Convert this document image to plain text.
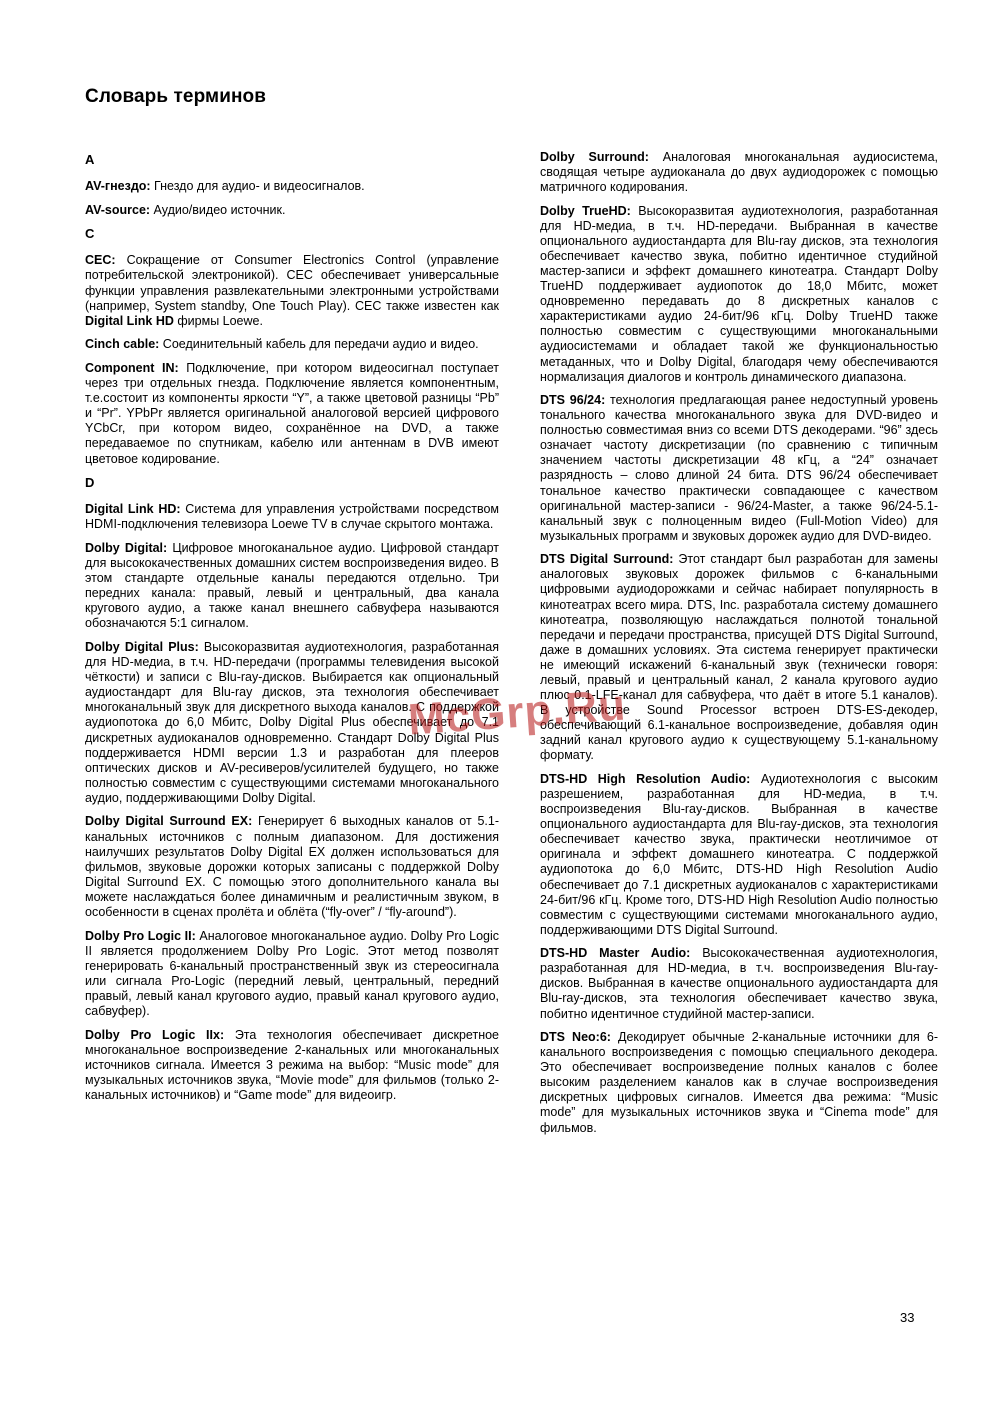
Словарь терминов
A

AV-гнездо: Гнездо для аудио- и видеосигналов.

AV-source: Аудио/видео источник.

C

CEC: Сокращение от Consumer Electronics Control (управление потребительской электроникой). CEC обеспечивает универсальные функции управления развлекательными электронными устройствами (например, System standby, One Touch Play). CEC также известен как Digital Link HD фирмы Loewe.

Cinch cable: Соединительный кабель для передачи аудио и видео.

Component IN: Подключение, при котором видеосигнал поступает через три отдельных гнезда. Подключение является компонентным, т.е.состоит из компоненты яркости “Y”, а также цветовой разницы “Pb” и “Pr”. YPbPr является оригинальной аналоговой версией цифрового YCbCr, при котором видео, сохранённое на DVD, а также передаваемое по спутникам, кабелю или антеннам в DVB имеют цветовое кодирование.

D

Digital Link HD: Система для управления устройствами посредством HDMI-подключения телевизора Loewe TV в случае скрытого монтажа.

Dolby Digital: Цифровое многоканальное аудио. Цифровой стандарт для высококачественных домашних систем воспроизведения видео. В этом стандарте отдельные каналы передаются отдельно. Три передних канала: правый, левый и центральный, два канала кругового аудио, а также канал внешнего сабвуфера называются обозначаются 5:1 сигналом.

Dolby Digital Plus: Высокоразвитая аудиотехнология, разработанная для HD-медиа, в т.ч. HD-передачи (программы телевидения высокой чёткости) и записи с Blu-ray-дисков. Выбирается как опциональный аудиостандарт для Blu-ray дисков, эта технология обеспечивает многоканальный звук для дискретного выхода каналов. С поддержкой аудиопотока до 6,0 Мбитс, Dolby Digital Plus обеспечивает до 7.1 дискретных аудиоканалов одновременно. Стандарт Dolby Digital Plus поддерживается HDMI версии 1.3 и разработан для плееров оптических дисков и AV-ресиверов/усилителей будущего, но также полностью совместим с существующими системами многоканального аудио, поддерживающими Dolby Digital.

Dolby Digital Surround EX: Генерирует 6 выходных каналов от 5.1-канальных источников с полным диапазоном. Для достижения наилучших результатов Dolby Digital EX должен использоваться для фильмов, звуковые дорожки которых записаны с поддержкой Dolby Digital Surround EX. С помощью этого дополнительного канала вы можете наслаждаться более динамичным и реалистичным звуком, в особенности в сценах пролёта и облёта (“fly-over” / “fly-around”).

Dolby Pro Logic II: Аналоговое многоканальное аудио. Dolby Pro Logic II является продолжением Dolby Pro Logic. Этот метод позволят генерировать 6-канальный пространственный звук из стереосигнала или сигнала Pro-Logic (передний левый, центральный, передний правый, левый канал кругового аудио, правый канал кругового аудио, сабвуфер).

Dolby Pro Logic IIx: Эта технология обеспечивает дискретное многоканальное воспроизведение 2-канальных или многоканальных источников сигнала. Имеется 3 режима на выбор: “Music mode” для музыкальных источников звука, “Movie mode” для фильмов (только 2-канальных источников) и “Game mode” для видеоигр.

Dolby Surround: Аналоговая многоканальная аудиосистема, сводящая четыре аудиоканала до двух аудиодорожек с помощью матричного кодирования.

Dolby TrueHD: Высокоразвитая аудиотехнология, разработанная для HD-медиа, в т.ч. HD-передачи. Выбранная в качестве опционального аудиостандарта для Blu-ray дисков, эта технология обеспечивает качество звука, побитно идентичное студийной мастер-записи и эффект домашнего кинотеатра. Стандарт Dolby TrueHD поддерживает аудиопоток до 18,0 Мбитс, может одновременно передавать до 8 дискретных каналов с характеристиками аудио 24-бит/96 кГц. Dolby TrueHD также полностью совместим с существующими многоканальными аудиосистемами и обладает такой же функциональностью метаданных, что и Dolby Digital, благодаря чему обеспечиваются нормализация диалогов и контроль динамического диапазона.

DTS 96/24: технология предлагающая ранее недоступный уровень тонального качества многоканального звука для DVD-видео и полностью совместимая вниз со всеми DTS декодерами. “96” здесь означает частоту дискретизации (по сравнению с типичным значением частоты дискретизации 48 кГц, а “24” означает разрядность – слово длиной 24 бита. DTS 96/24 обеспечивает тональное качество практически совпадающее с качеством оригинальной мастер-записи - 96/24-Master, а также 96/24-5.1-канальный звук с полноценным видео (Full-Motion Video) для музыкальных программ и звуковых дорожек аудио для DVD-видео.

DTS Digital Surround: Этот стандарт был разработан для замены аналоговых звуковых дорожек фильмов с 6-канальными цифровыми аудиодорожками и сейчас набирает популярность в кинотеатрах всего мира. DTS, Inc. разработала систему домашнего кинотеатра, позволяющую наслаждаться полнотой тональной передачи и передачи пространства, присущей DTS Digital Surround, даже в домашних условиях. Эта система генерирует практически не имеющий искажений 6-канальный звук (технически говоря: левый, правый и центральный канал, 2 канала кругового аудио плюс 0.1-LFE-канал для сабвуфера, что даёт в итоге 5.1 каналов). В устройстве Sound Processor встроен DTS-ES-декодер, обеспечивающий 6.1-канальное воспроизведение, добавляя один задний канал кругового аудио к существующему 5.1-канальному формату.

DTS-HD High Resolution Audio: Аудиотехнология с высоким разрешением, разработанная для HD-медиа, в т.ч. воспроизведения Blu-ray-дисков. Выбранная в качестве опционального аудиостандарта для Blu-ray-дисков, эта технология обеспечивает качество звука, практически неотличимое от оригинала и эффект домашнего кинотеатра. С поддержкой аудиопотока до 6,0 Мбитс, DTS-HD High Resolution Audio обеспечивает до 7.1 дискретных аудиоканалов с характеристиками 24-бит/96 кГц. Кроме того, DTS-HD High Resolution Audio полностью совместим с существующими системами многоканального аудио, поддерживающими DTS Digital Surround.

DTS-HD Master Audio: Высококачественная аудиотехнология, разработанная для HD-медиа, в т.ч. воспроизведения Blu-ray-дисков. Выбранная в качестве опционального аудиостандарта для Blu-ray-дисков, эта технология обеспечивает качество звука, побитно идентичное студийной мастер-записи.

DTS Neo:6: Декодирует обычные 2-канальные источники для 6-канального воспроизведения с помощью специального декодера. Это обеспечивает воспроизведение полных каналов с более высоким разделением каналов как в случае воспроизведения дискретных цифровых сигналов. Имеется два режима: “Music mode” для музыкальных источников звука и “Cinema mode” для фильмов.

McGrp.Ru
33
